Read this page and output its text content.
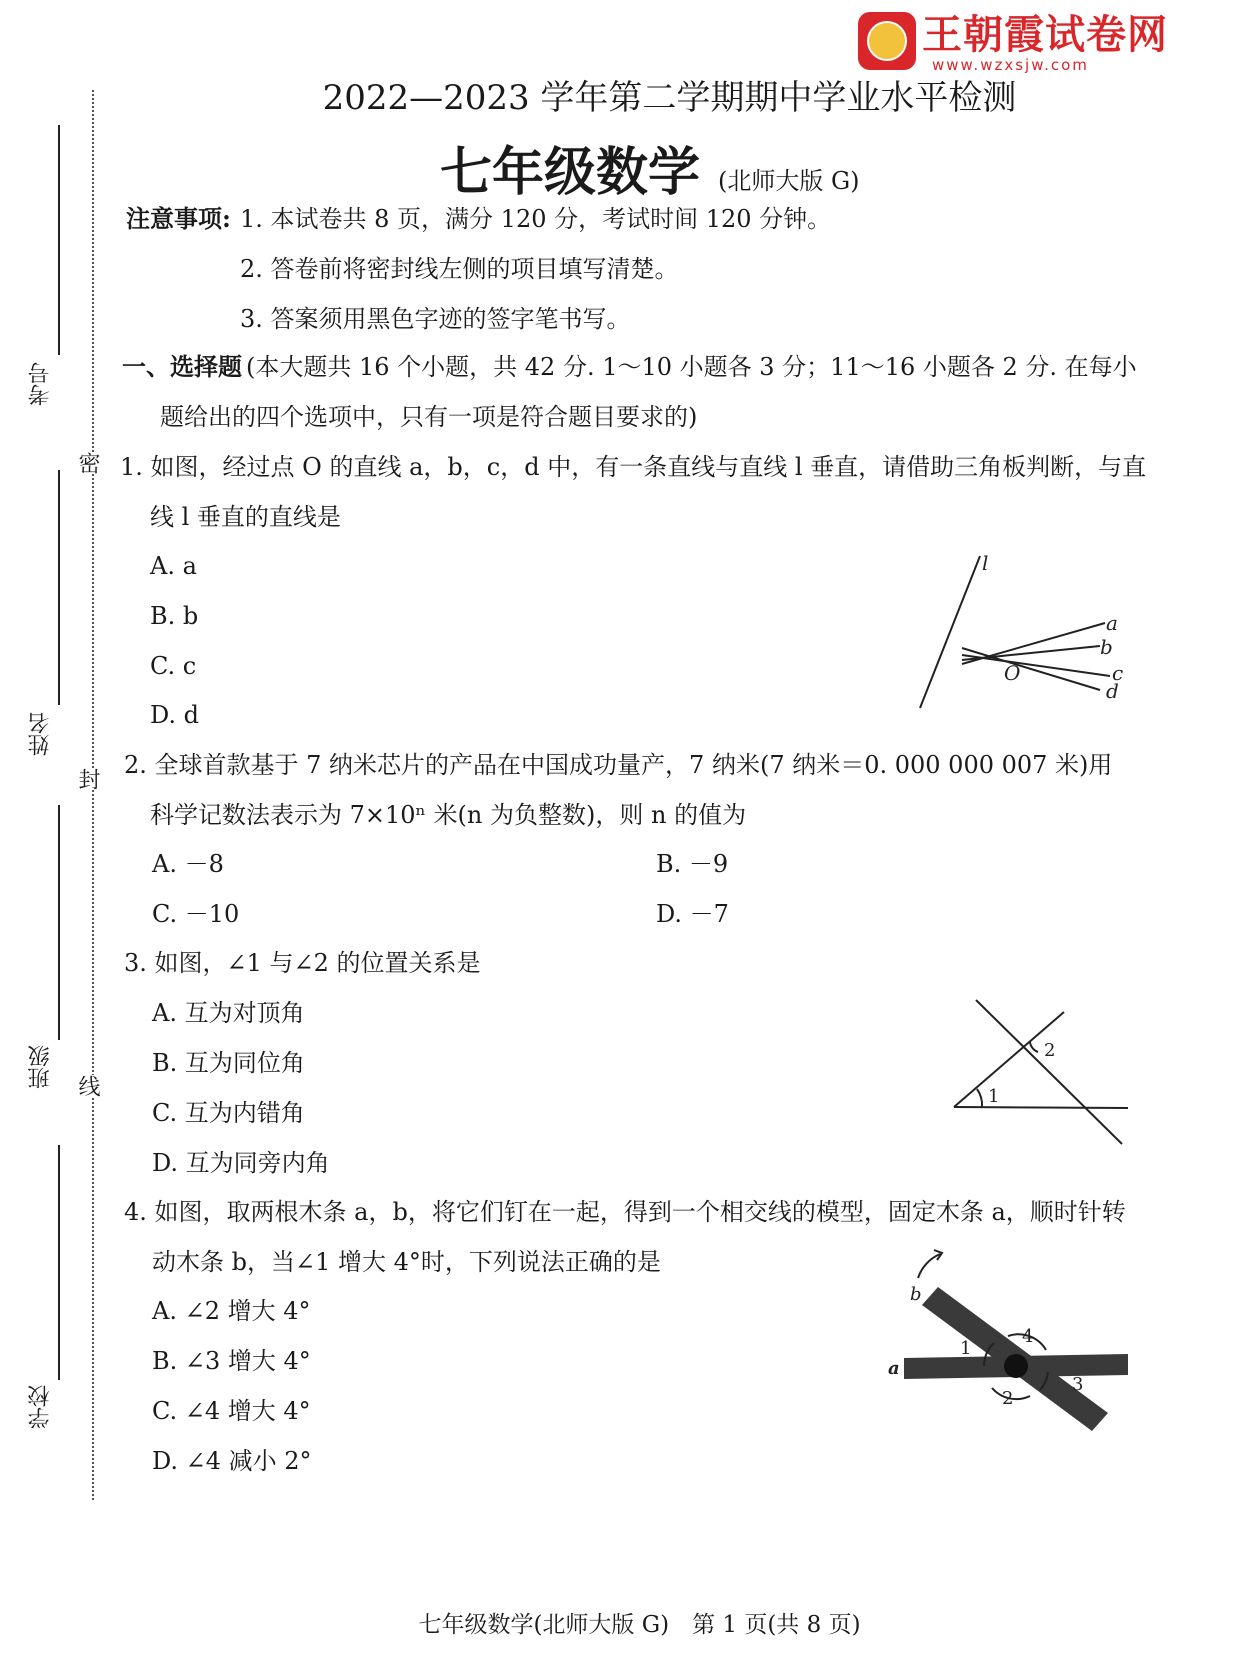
王朝霞试卷网
www.wzxsjw.com
2022—2023 学年第二学期期中学业水平检测
七年级数学 (北师大版 G)
考号
姓名
班级
学校
密
封
线
注意事项: 1. 本试卷共 8 页，满分 120 分，考试时间 120 分钟。
2. 答卷前将密封线左侧的项目填写清楚。
3. 答案须用黑色字迹的签字笔书写。
一、选择题 (本大题共 16 个小题，共 42 分. 1～10 小题各 3 分；11～16 小题各 2 分. 在每小
题给出的四个选项中，只有一项是符合题目要求的)
1. 如图，经过点 O 的直线 a，b，c，d 中，有一条直线与直线 l 垂直，请借助三角板判断，与直
线 l 垂直的直线是
A. a
B. b
C. c
D. d
l
a
b
c
d
O
2. 全球首款基于 7 纳米芯片的产品在中国成功量产，7 纳米(7 纳米＝0. 000 000 007 米)用
科学记数法表示为 7×10ⁿ 米(n 为负整数)，则 n 的值为
A. －8	B. －9
C. －10	D. －7
3. 如图，∠1 与∠2 的位置关系是
A. 互为对顶角
B. 互为同位角
C. 互为内错角
D. 互为同旁内角
1
2
4. 如图，取两根木条 a，b，将它们钉在一起，得到一个相交线的模型，固定木条 a，顺时针转
动木条 b，当∠1 增大 4°时，下列说法正确的是
A. ∠2 增大 4°
B. ∠3 增大 4°
C. ∠4 增大 4°
D. ∠4 减小 2°
b
a
1
2
3
4
七年级数学(北师大版 G)　第 1 页(共 8 页)
